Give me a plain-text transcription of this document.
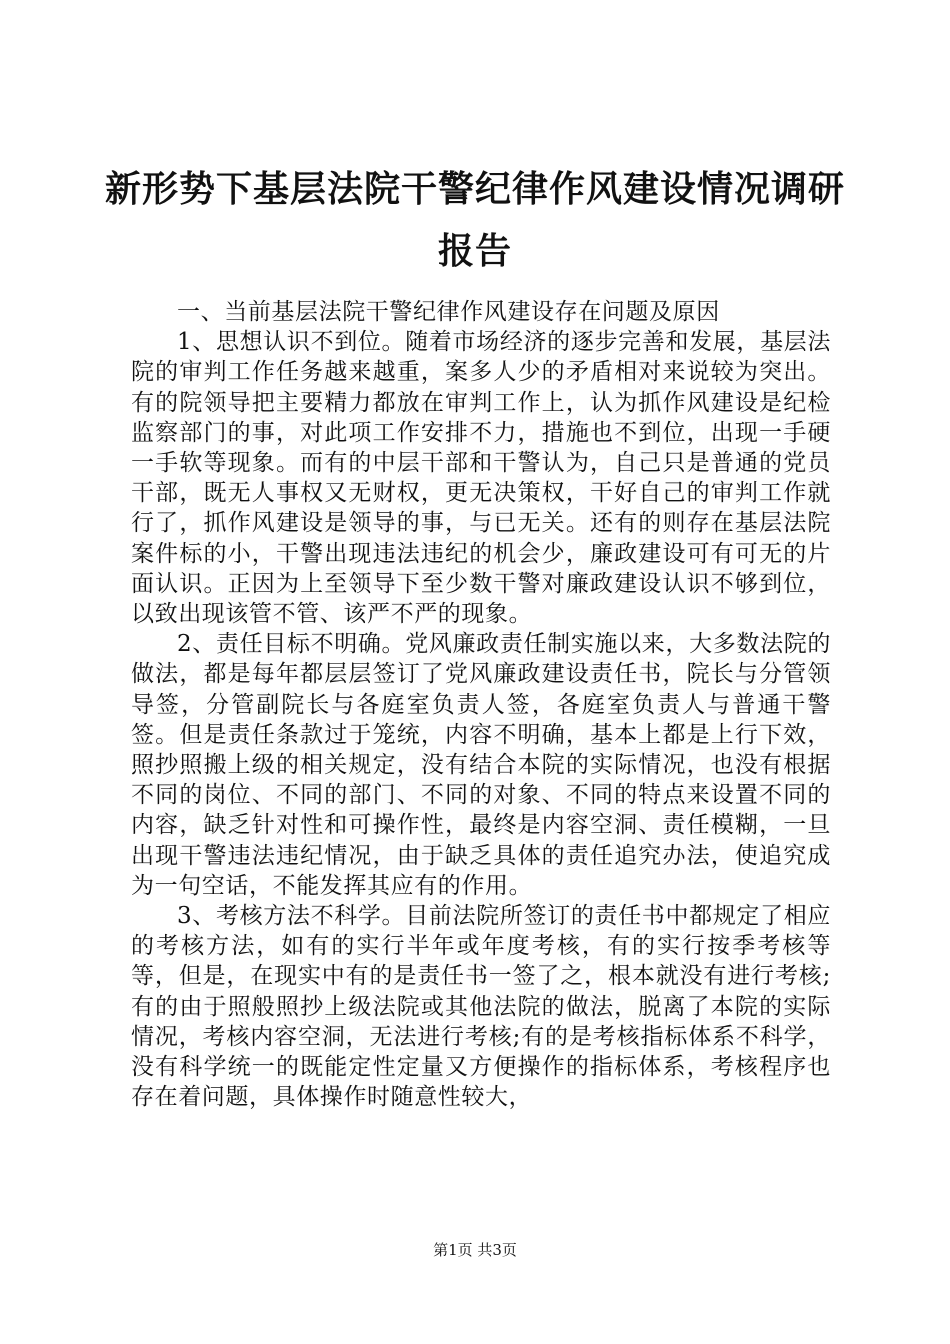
新形势下基层法院干警纪律作风建设情况调研报告

一、当前基层法院干警纪律作风建设存在问题及原因

1、思想认识不到位。随着市场经济的逐步完善和发展，基层法院的审判工作任务越来越重，案多人少的矛盾相对来说较为突出。有的院领导把主要精力都放在审判工作上，认为抓作风建设是纪检监察部门的事，对此项工作安排不力，措施也不到位，出现一手硬一手软等现象。而有的中层干部和干警认为，自己只是普通的党员干部，既无人事权又无财权，更无决策权，干好自己的审判工作就行了，抓作风建设是领导的事，与已无关。还有的则存在基层法院案件标的小，干警出现违法违纪的机会少，廉政建设可有可无的片面认识。正因为上至领导下至少数干警对廉政建设认识不够到位，以致出现该管不管、该严不严的现象。

2、责任目标不明确。党风廉政责任制实施以来，大多数法院的做法，都是每年都层层签订了党风廉政建设责任书，院长与分管领导签，分管副院长与各庭室负责人签，各庭室负责人与普通干警签。但是责任条款过于笼统，内容不明确，基本上都是上行下效，照抄照搬上级的相关规定，没有结合本院的实际情况，也没有根据不同的岗位、不同的部门、不同的对象、不同的特点来设置不同的内容，缺乏针对性和可操作性，最终是内容空洞、责任模糊，一旦出现干警违法违纪情况，由于缺乏具体的责任追究办法，使追究成为一句空话，不能发挥其应有的作用。

3、考核方法不科学。目前法院所签订的责任书中都规定了相应的考核方法，如有的实行半年或年度考核，有的实行按季考核等等，但是，在现实中有的是责任书一签了之，根本就没有进行考核;有的由于照般照抄上级法院或其他法院的做法，脱离了本院的实际情况，考核内容空洞，无法进行考核;有的是考核指标体系不科学，没有科学统一的既能定性定量又方便操作的指标体系，考核程序也存在着问题，具体操作时随意性较大，

第1页 共3页
